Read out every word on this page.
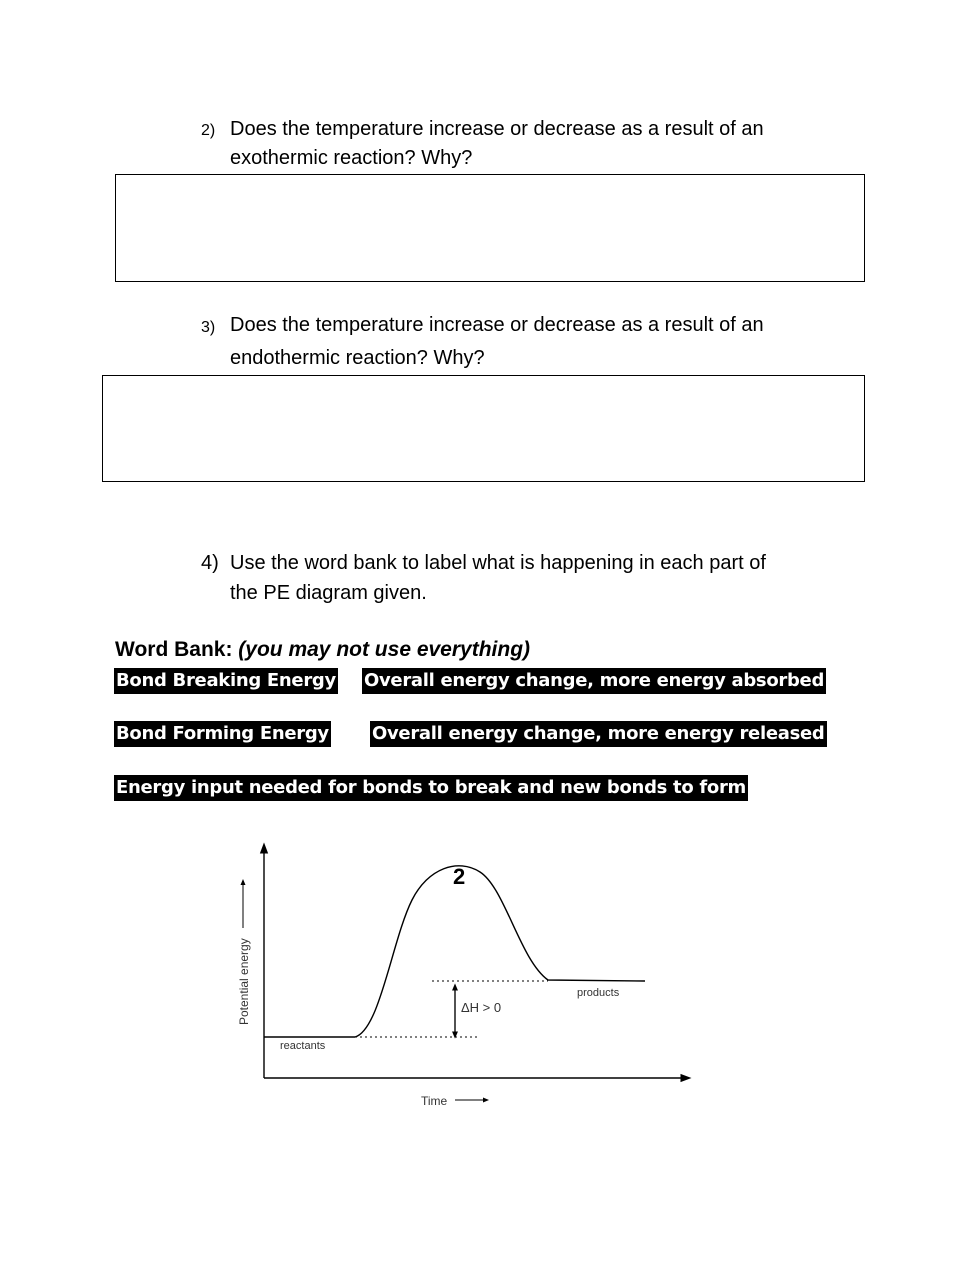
2) Does the temperature increase or decrease as a result of an
exothermic reaction? Why?
3) Does the temperature increase or decrease as a result of an
endothermic reaction? Why?
4) Use the word bank to label what is happening in each part of
the PE diagram given.
Word Bank: (you may not use everything)
Bond Breaking Energy Overall energy change, more energy absorbed
Bond Forming Energy Overall energy change, more energy released
Energy input needed for bonds to break and new bonds to form
Potential energy
Time
ΔH > 0
reactants
products
2
